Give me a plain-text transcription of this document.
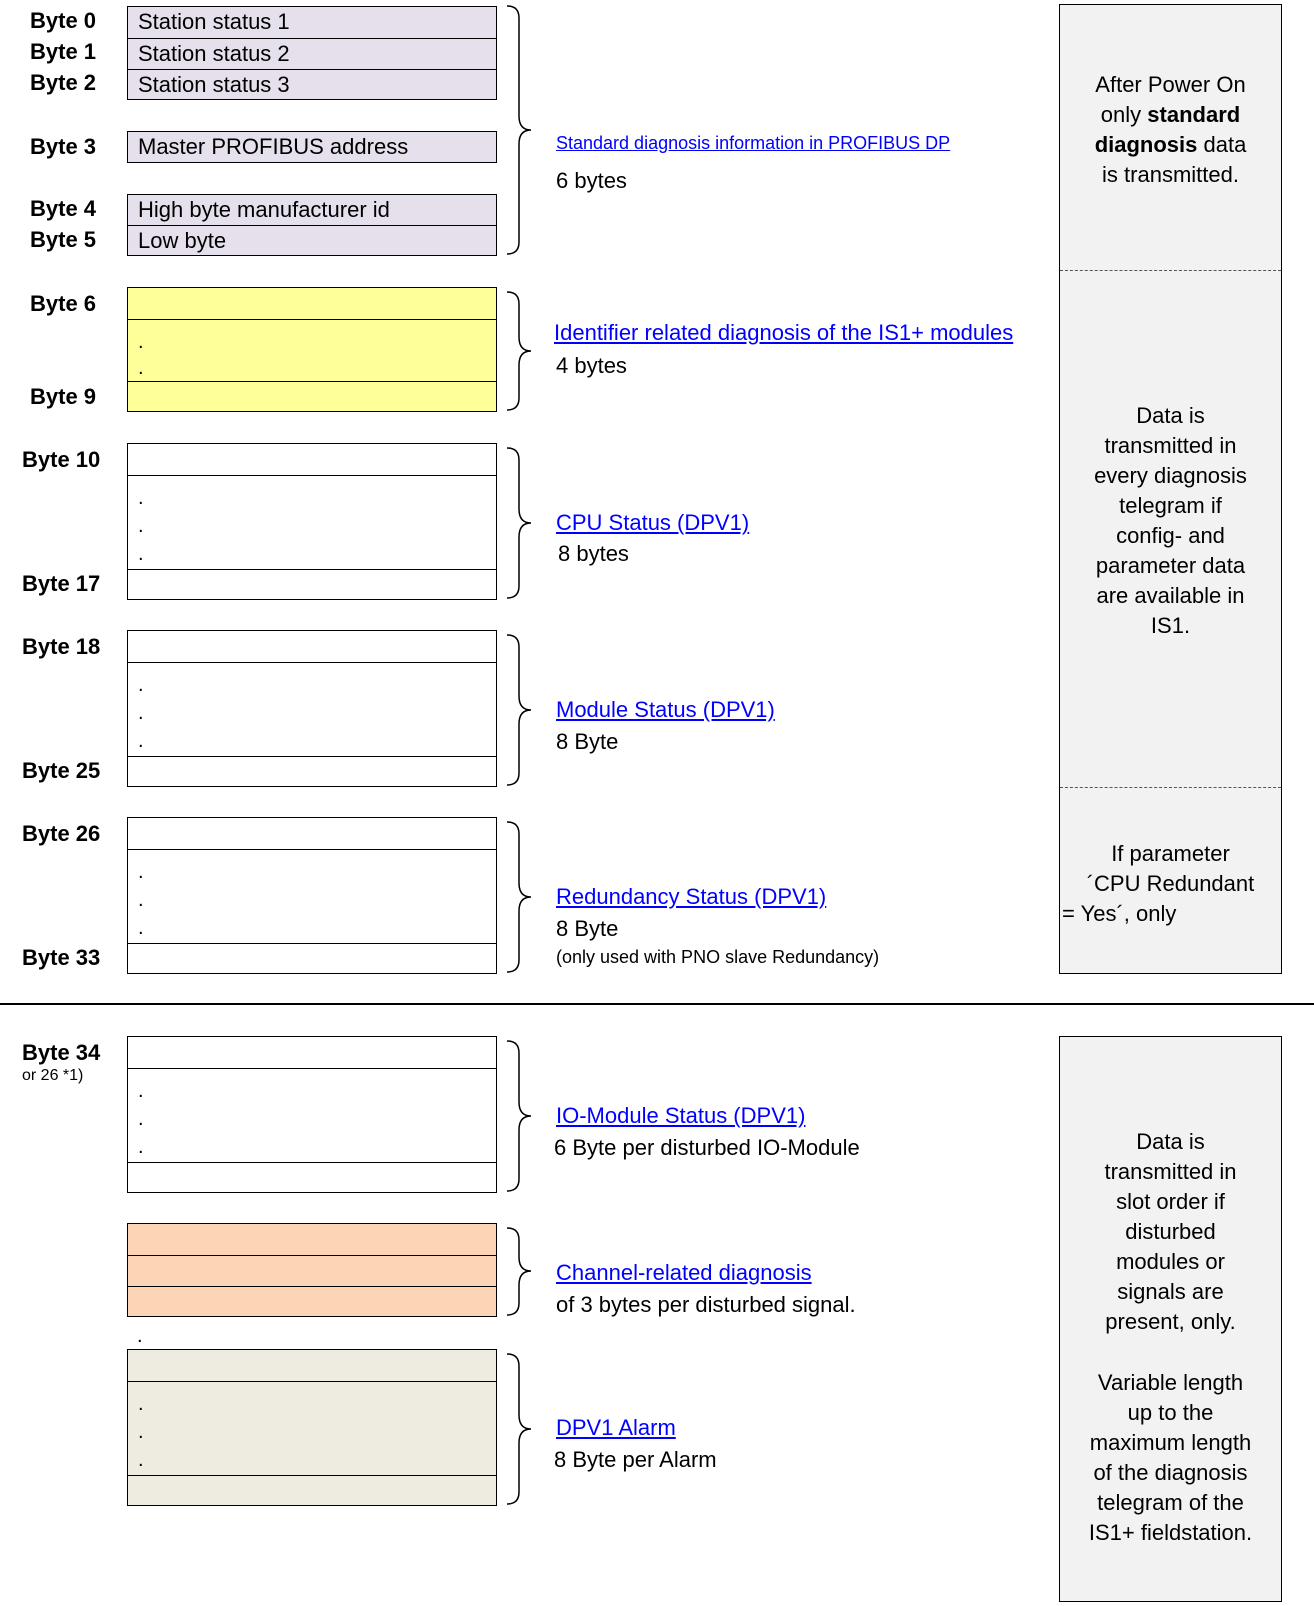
Byte 0
Byte 1
Byte 2
Byte 3
Byte 4
Byte 5
Byte 6
Byte 9
Byte 10
Byte 17
Byte 18
Byte 25
Byte 26
Byte 33
Byte 34
or 26 *1)
Station status 1
Station status 2
Station status 3
Master PROFIBUS address
High byte manufacturer id
Low byte
.
.
.
.
.
.
.
.
.
.
.
.
.
.
.
.
.
.
Standard diagnosis information in PROFIBUS DP
6 bytes
Identifier related diagnosis of the IS1+ modules
4 bytes
CPU Status (DPV1)
8 bytes
Module Status (DPV1)
8 Byte
Redundancy Status (DPV1)
8 Byte
(only used with PNO slave Redundancy)
IO-Module Status (DPV1)
6 Byte per disturbed IO-Module
Channel-related diagnosis
of 3 bytes per disturbed signal.
DPV1 Alarm
8 Byte per Alarm
After Power On
only standard
diagnosis data
is transmitted.
Data is
transmitted in
every diagnosis
telegram if
config- and
parameter data
are available in
IS1.
If parameter
´CPU Redundant
= Yes´, only
Data is
transmitted in
slot order if
disturbed
modules or
signals are
present, only.
Variable length
up to the
maximum length
of the diagnosis
telegram of the
IS1+ fieldstation.
